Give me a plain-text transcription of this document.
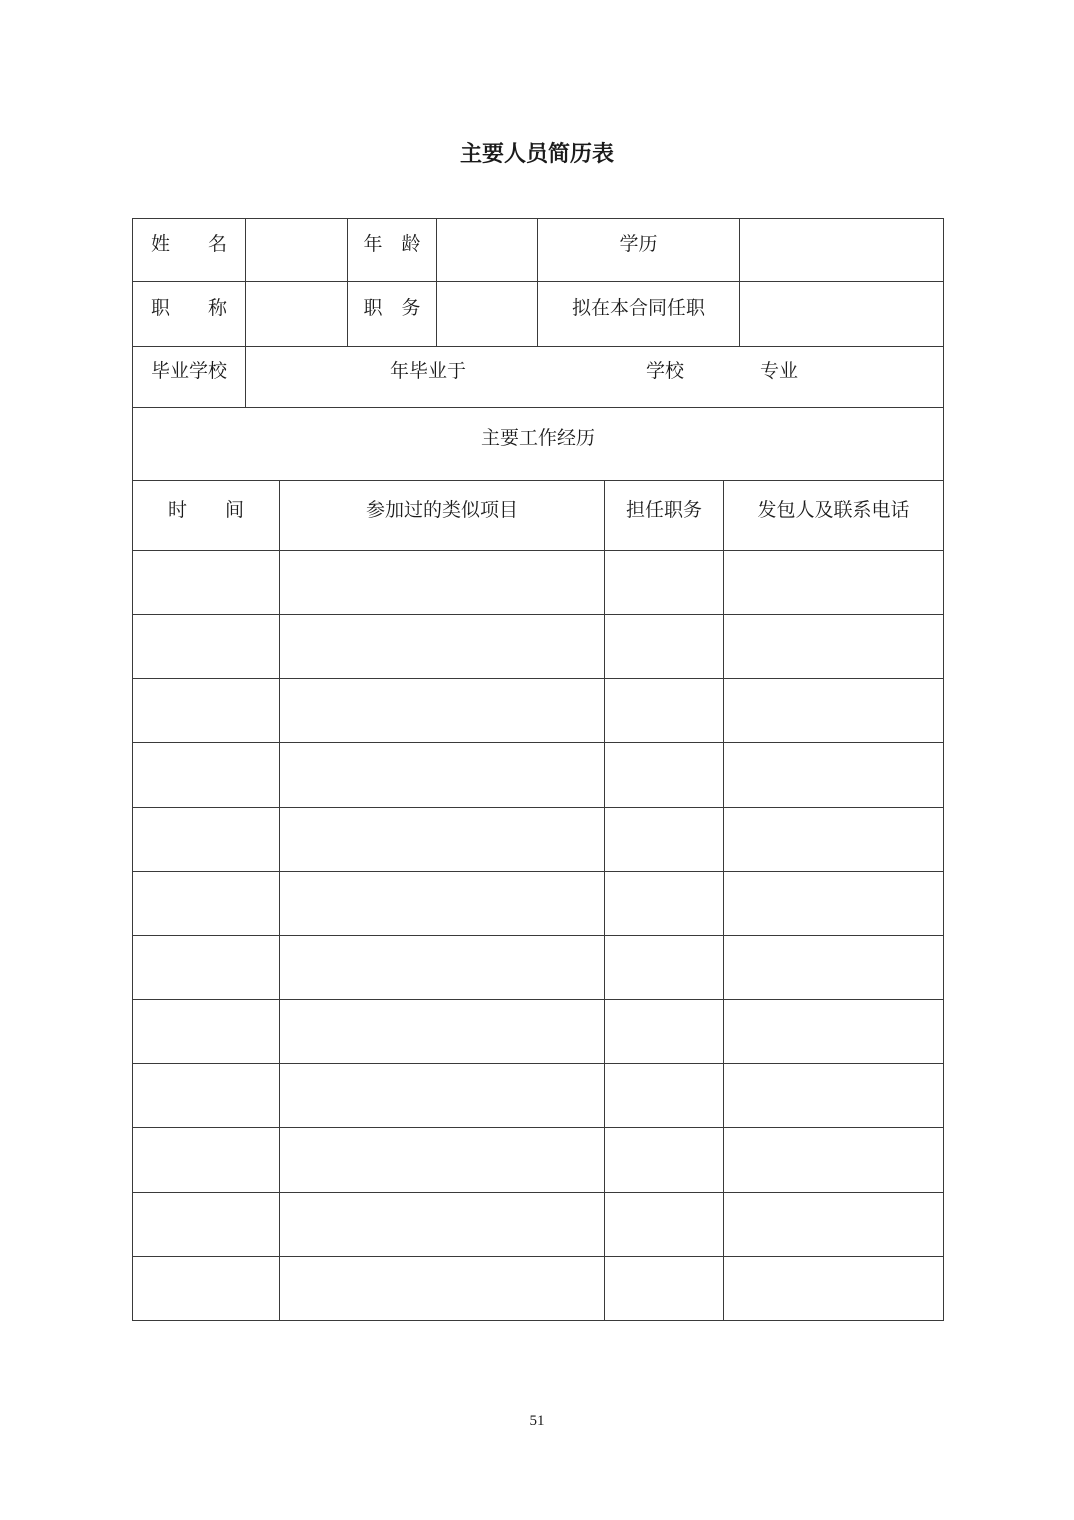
主要人员简历表
姓　　名		年　龄		学历	
职　　称		职　务		拟在本合同任职	
毕业学校	年毕业于 学校 专业				
主要工作经历					
时　　间	参加过的类似项目	担任职务	发包人及联系电话

51
